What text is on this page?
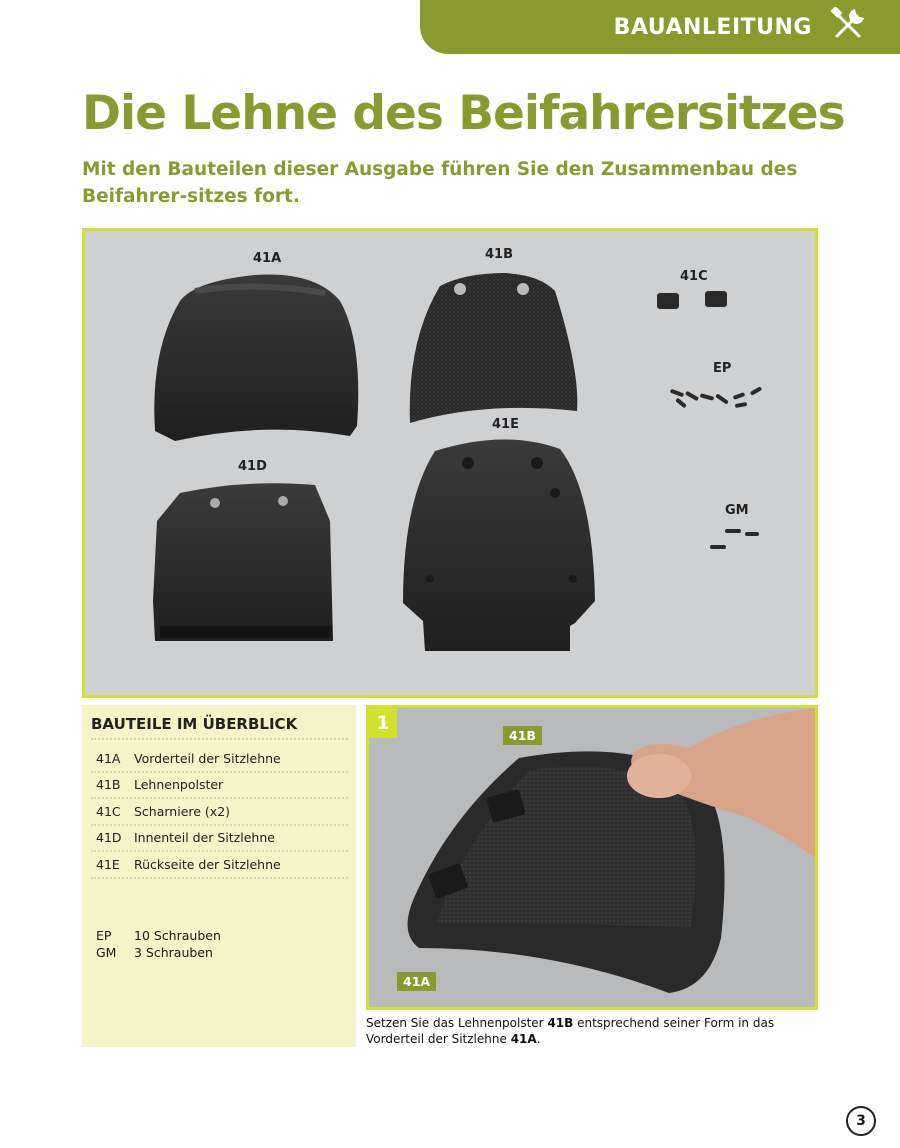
BAUANLEITUNG
Die Lehne des Beifahrersitzes

Mit den Bauteilen dieser Ausgabe führen Sie den Zusammenbau des Beifahrer-sitzes fort.

41A	41B
41C
EP
41E
41D
GM
BAUTEILE IM ÜBERBLICK
41A	Vorderteil der Sitzlehne
41B	Lehnenpolster
41C	Scharniere (x2)
41D Innenteil der Sitzlehne
41E	Rückseite der Sitzlehne
EP	10 Schrauben
GM	3 Schrauben
1
41B
41A

Setzen Sie das Lehnenpolster 41B entsprechend seiner Form in das Vorderteil der Sitzlehne 41A.

3
